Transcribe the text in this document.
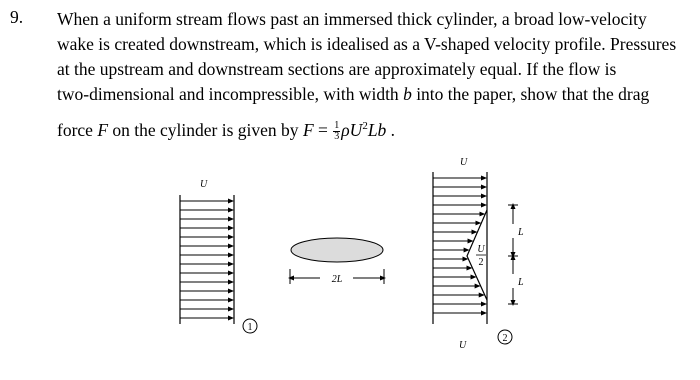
9. When a uniform stream flows past an immersed thick cylinder, a broad low-velocity
wake is created downstream, which is idealised as a V-shaped velocity profile. Pressures
at the upstream and downstream sections are approximately equal. If the flow is
two-dimensional and incompressible, with width b into the paper, show that the drag
force F on the cylinder is given by $F = \frac{1}{3} \rho U^2Lb$ .
U
1
2L
U
U
U
2
L
L
2
